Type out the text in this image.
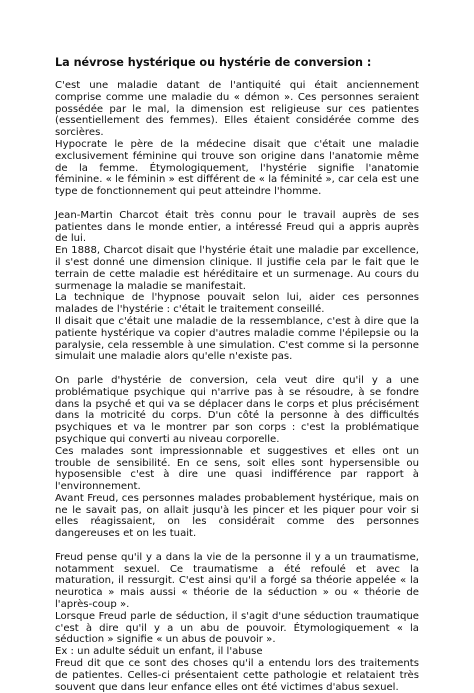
La névrose hystérique ou hystérie de conversion :

C'est une maladie datant de l'antiquité qui était anciennement comprise comme une maladie du « démon ». Ces personnes seraient possédée par le mal, la dimension est religieuse sur ces patientes (essentiellement des femmes). Elles étaient considérée comme des sorcières.

Hypocrate le père de la médecine disait que c'était une maladie exclusivement féminine qui trouve son origine dans l'anatomie même de la femme. Étymologiquement, l'hystérie signifie l'anatomie féminine. « le féminin » est différent de « la féminité », car cela est une type de fonctionnement qui peut atteindre l'homme.

Jean-Martin Charcot était très connu pour le travail auprès de ses patientes dans le monde entier, a intéressé Freud qui a appris auprès de lui.

En 1888, Charcot disait que l'hystérie était une maladie par excellence, il s'est donné une dimension clinique. Il justifie cela par le fait que le terrain de cette maladie est héréditaire et un surmenage. Au cours du surmenage la maladie se manifestait.

La technique de l'hypnose pouvait selon lui, aider ces personnes malades de l'hystérie : c'était le traitement conseillé.

Il disait que c'était une maladie de la ressemblance, c'est à dire que la patiente hystérique va copier d'autres maladie comme l'épilepsie ou la paralysie, cela ressemble à une simulation. C'est comme si la personne simulait une maladie alors qu'elle n'existe pas.

On parle d'hystérie de conversion, cela veut dire qu'il y a une problématique psychique qui n'arrive pas à se résoudre, à se fondre dans la psyché et qui va se déplacer dans le corps et plus précisément dans la motricité du corps. D'un côté la personne à des difficultés psychiques et va le montrer par son corps : c'est la problématique psychique qui converti au niveau corporelle.

Ces malades sont impressionnable et suggestives et elles ont un trouble de sensibilité. En ce sens, soit elles sont hypersensible ou hyposensible c'est à dire une quasi indifférence par rapport à l'environnement.

Avant Freud, ces personnes malades probablement hystérique, mais on ne le savait pas, on allait jusqu'à les pincer et les piquer pour voir si elles réagissaient, on les considérait comme des personnes dangereuses et on les tuait.

Freud pense qu'il y a dans la vie de la personne il y a un traumatisme, notamment sexuel. Ce traumatisme a été refoulé et avec la maturation, il ressurgit. C'est ainsi qu'il a forgé sa théorie appelée « la neurotica » mais aussi « théorie de la séduction » ou « théorie de l'après-coup ».

Lorsque Freud parle de séduction, il s'agit d'une séduction traumatique c'est à dire qu'il y a un abu de pouvoir. Étymologiquement « la séduction » signifie « un abus de pouvoir ».

Ex : un adulte séduit un enfant, il l'abuse

Freud dit que ce sont des choses qu'il a entendu lors des traitements de patientes. Celles-ci présentaient cette pathologie et relataient très souvent que dans leur enfance elles ont été victimes d'abus sexuel.
